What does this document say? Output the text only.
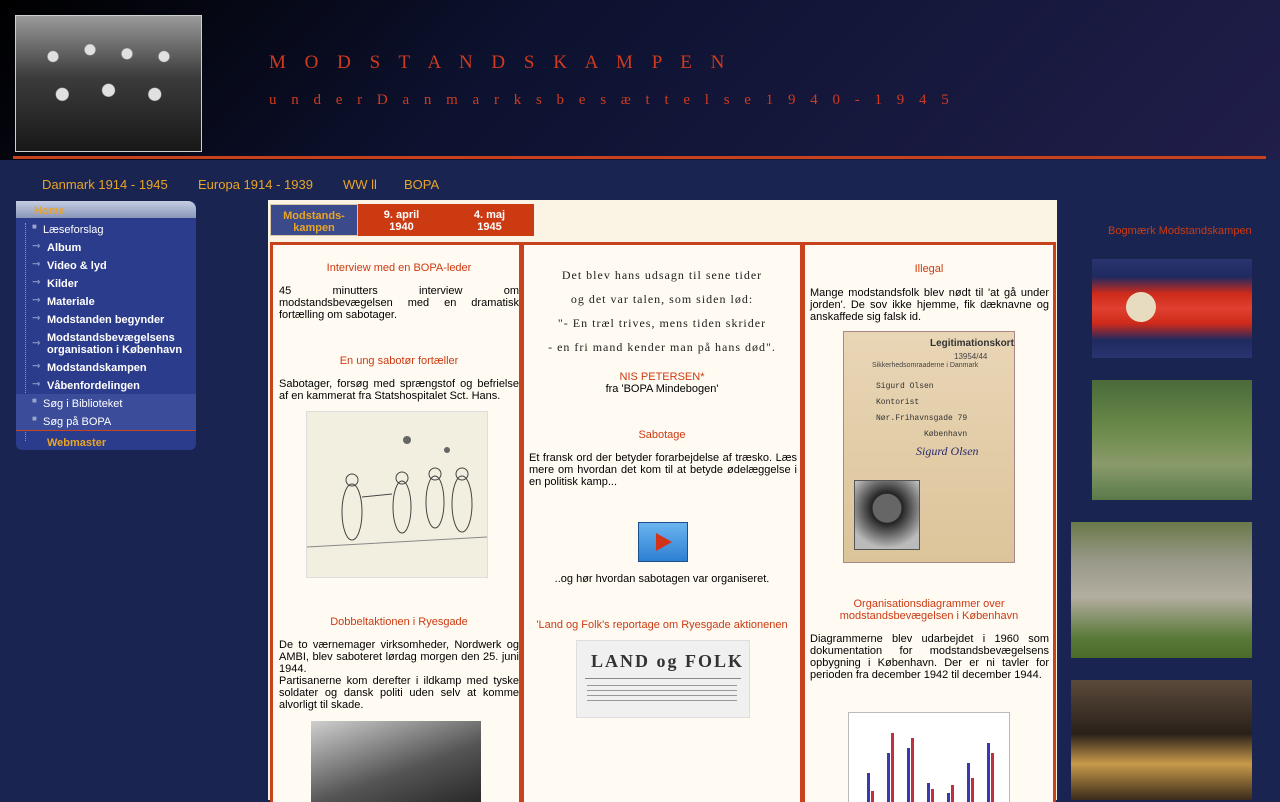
M O D S T A N D S K A M P E N
u n d e r D a n m a r k s b e s æ t t e l s e 1 9 4 0 - 1 9 4 5
Danmark 1914 - 1945 Europa 1914 - 1939 WW ll BOPA
Home
■ Læseforslag
⇾ Album
⇾ Video & lyd
⇾ Kilder
⇾ Materiale
⇾ Modstanden begynder
⇾ Modstandsbevægelsens organisation i København
⇾ Modstandskampen
⇾ Våbenfordelingen
■ Søg i Biblioteket
■ Søg på BOPA
Webmaster
Modstands-
kampen
9. april
1940
4. maj
1945
Interview med en BOPA-leder
45 minutters interview om modstandsbevægelsen med en dramatisk fortælling om sabotager.
En ung sabotør fortæller
Sabotager, forsøg med sprængstof og befrielse af en kammerat fra Statshospitalet Sct. Hans.
Dobbeltaktionen i Ryesgade
De to værnemager virksomheder, Nordwerk og AMBI, blev saboteret lørdag morgen den 25. juni 1944.
Partisanerne kom derefter i ildkamp med tyske soldater og dansk politi uden selv at komme alvorligt til skade.
Det blev hans udsagn til sene tider
og det var talen, som siden lød:
"- En træl trives, mens tiden skrider
- en fri mand kender man på hans død".
NIS PETERSEN*
fra 'BOPA Mindebogen'
Sabotage
Et fransk ord der betyder forarbejdelse af træsko. Læs mere om hvordan det kom til at betyde ødelæggelse i en politisk kamp...
..og hør hvordan sabotagen var organiseret.
'Land og Folk's reportage om Ryesgade aktionenen
LAND og FOLK
Illegal
Mange modstandsfolk blev nødt til 'at gå under jorden'. De sov ikke hjemme, fik dæknavne og anskaffede sig falsk id.
Legitimationskort
13954/44
Sikkerhedsomraaderne i Danmark
Sigurd Olsen
Kontorist
Nør.Frihavnsgade 79
København
Sigurd Olsen
Organisationsdiagrammer over modstandsbevægelsen i København
Diagrammerne blev udarbejdet i 1960 som dokumentation for modstandsbevægelsens opbygning i København. Der er ni tavler for perioden fra december 1942 til december 1944.
Bogmærk Modstandskampen
